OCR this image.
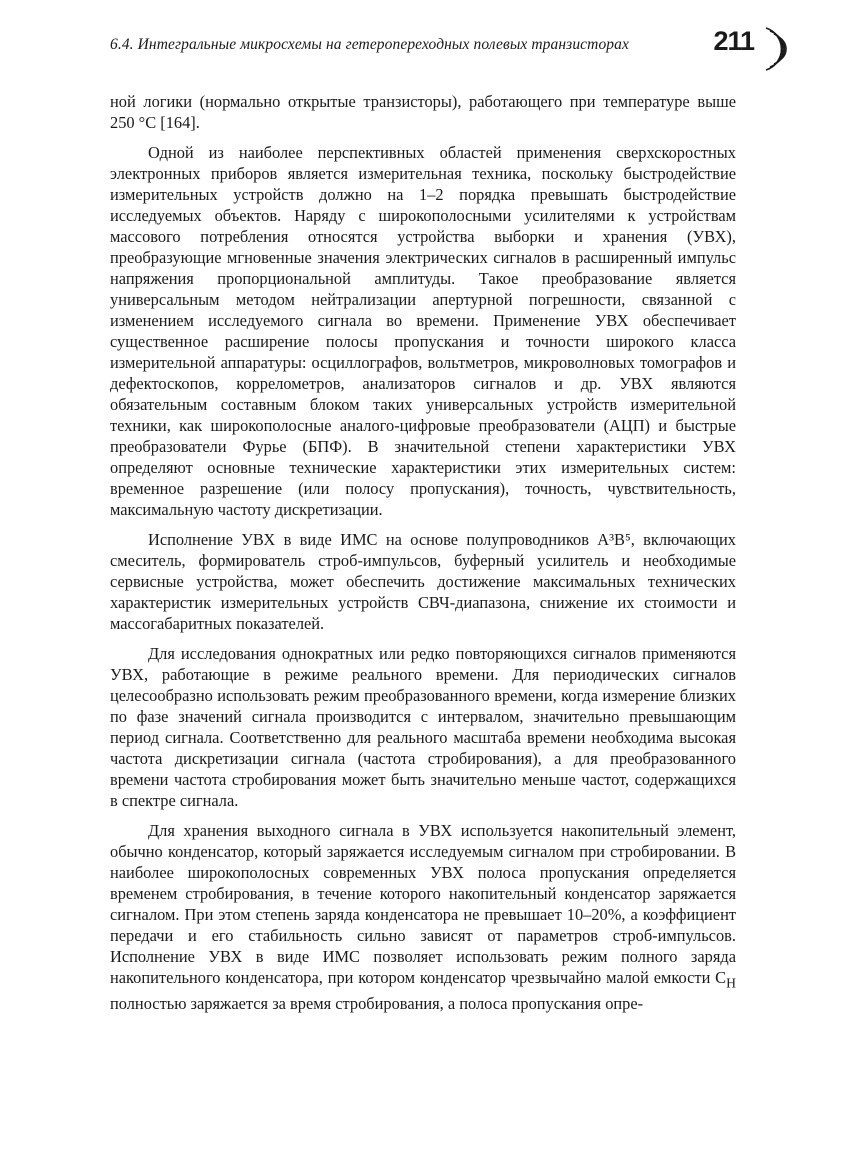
6.4. Интегральные микросхемы на гетеропереходных полевых транзисторах	211

ной логики (нормально открытые транзисторы), работающего при температуре выше 250 °С [164].

Одной из наиболее перспективных областей применения сверхскоростных электронных приборов является измерительная техника, поскольку быстродействие измерительных устройств должно на 1–2 порядка превышать быстродействие исследуемых объектов. Наряду с широкополосными усилителями к устройствам массового потребления относятся устройства выборки и хранения (УВХ), преобразующие мгновенные значения электрических сигналов в расширенный импульс напряжения пропорциональной амплитуды. Такое преобразование является универсальным методом нейтрализации апертурной погрешности, связанной с изменением исследуемого сигнала во времени. Применение УВХ обеспечивает существенное расширение полосы пропускания и точности широкого класса измерительной аппаратуры: осциллографов, вольтметров, микроволновых томографов и дефектоскопов, коррелометров, анализаторов сигналов и др. УВХ являются обязательным составным блоком таких универсальных устройств измерительной техники, как широкополосные аналого-цифровые преобразователи (АЦП) и быстрые преобразователи Фурье (БПФ). В значительной степени характеристики УВХ определяют основные технические характеристики этих измерительных систем: временное разрешение (или полосу пропускания), точность, чувствительность, максимальную частоту дискретизации.

Исполнение УВХ в виде ИМС на основе полупроводников A³B⁵, включающих смеситель, формирователь строб-импульсов, буферный усилитель и необходимые сервисные устройства, может обеспечить достижение максимальных технических характеристик измерительных устройств СВЧ-диапазона, снижение их стоимости и массогабаритных показателей.

Для исследования однократных или редко повторяющихся сигналов применяются УВХ, работающие в режиме реального времени. Для периодических сигналов целесообразно использовать режим преобразованного времени, когда измерение близких по фазе значений сигнала производится с интервалом, значительно превышающим период сигнала. Соответственно для реального масштаба времени необходима высокая частота дискретизации сигнала (частота стробирования), а для преобразованного времени частота стробирования может быть значительно меньше частот, содержащихся в спектре сигнала.

Для хранения выходного сигнала в УВХ используется накопительный элемент, обычно конденсатор, который заряжается исследуемым сигналом при стробировании. В наиболее широкополосных современных УВХ полоса пропускания определяется временем стробирования, в течение которого накопительный конденсатор заряжается сигналом. При этом степень заряда конденсатора не превышает 10–20%, а коэффициент передачи и его стабильность сильно зависят от параметров строб-импульсов. Исполнение УВХ в виде ИМС позволяет использовать режим полного заряда накопительного конденсатора, при котором конденсатор чрезвычайно малой емкости $C_H$ полностью заряжается за время стробирования, а полоса пропускания опре-
